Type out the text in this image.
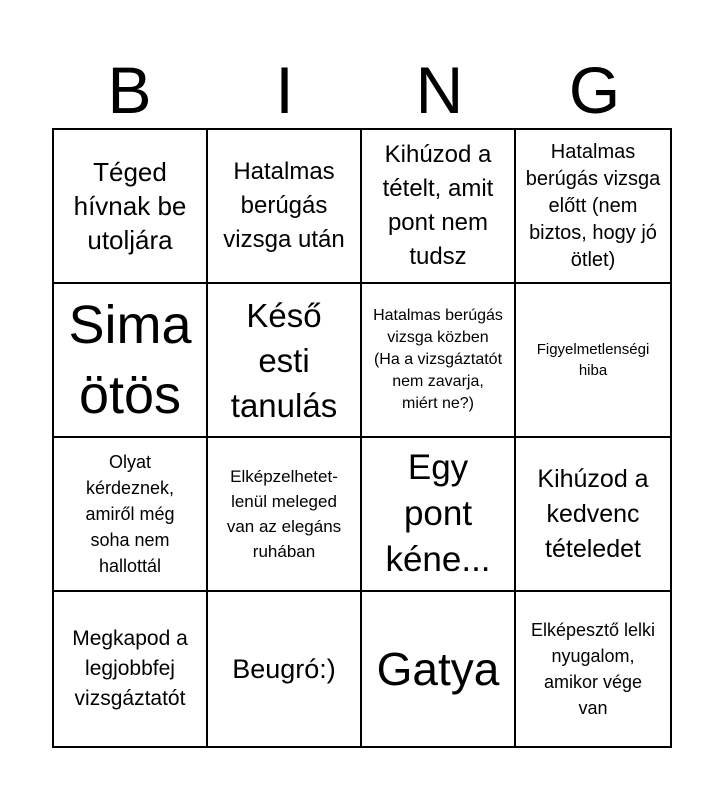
B	I	N	G
Téged hívnak be utoljára
Hatalmas berúgás vizsga után
Kihúzod a tételt, amit pont nem tudsz
Hatalmas berúgás vizsga előtt (nem biztos, hogy jó ötlet)
Sima ötös
Késő esti tanulás
Hatalmas berúgás vizsga közben (Ha a vizsgáztatót nem zavarja, miért ne?)
Figyelmetlenségi hiba
Olyat kérdeznek, amiről még soha nem hallottál
Elképzelhetet-lenül meleged van az elegáns ruhában
Egy pont kéne...
Kihúzod a kedvenc tételedet
Megkapod a legjobbfej vizsgáztatót
Beugró:) Gatya
Elképesztő lelki nyugalom, amikor vége van
